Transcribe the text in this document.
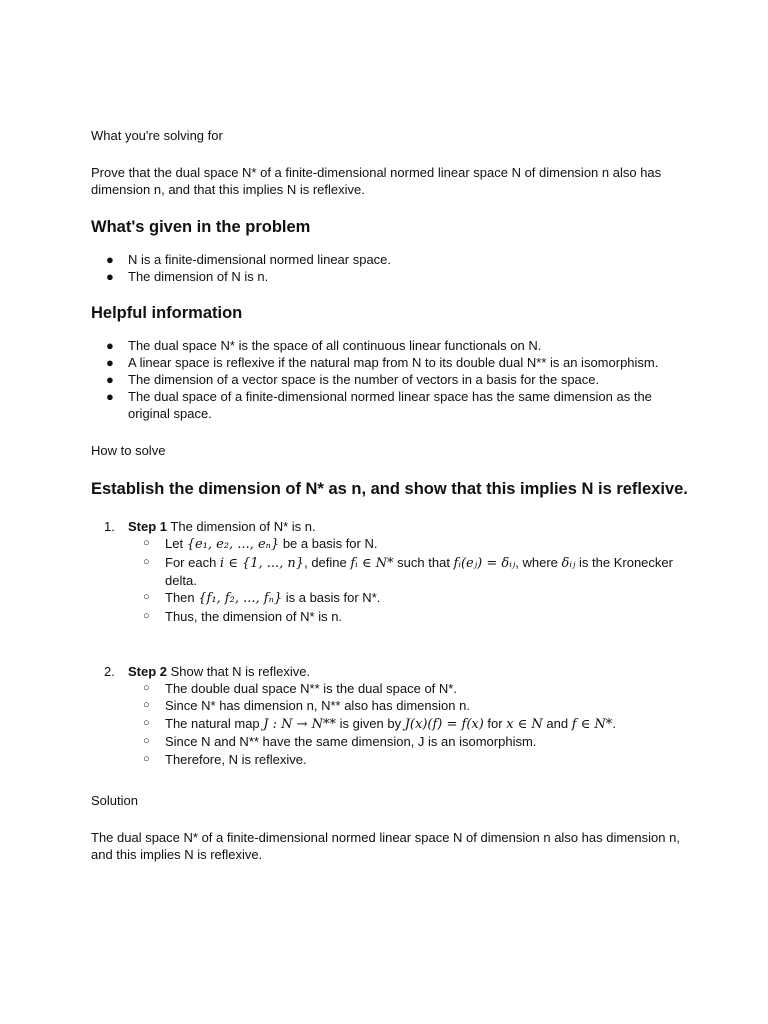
What you're solving for

Prove that the dual space N* of a finite-dimensional normed linear space N of dimension n also has dimension n, and that this implies N is reflexive.

What's given in the problem
● N is a finite-dimensional normed linear space.
● The dimension of N is n.
Helpful information
● The dual space N* is the space of all continuous linear functionals on N.
● A linear space is reflexive if the natural map from N to its double dual N** is an isomorphism.
● The dimension of a vector space is the number of vectors in a basis for the space.
● The dual space of a finite-dimensional normed linear space has the same dimension as the original space.

How to solve

Establish the dimension of N* as n, and show that this implies N is reflexive.
1. Step 1 The dimension of N* is n.
○ Let {e₁, e₂, ..., eₙ} be a basis for N.
○ For each i ∈ {1, ..., n}, define fᵢ ∈ N* such that fᵢ(eⱼ) = δᵢⱼ, where δᵢⱼ is the Kronecker delta.
○ Then {f₁, f₂, ..., fₙ} is a basis for N*.
○ Thus, the dimension of N* is n.
2. Step 2 Show that N is reflexive.
○ The double dual space N** is the dual space of N*.
○ Since N* has dimension n, N** also has dimension n.
○ The natural map J : N → N** is given by J(x)(f) = f(x) for x ∈ N and f ∈ N*.
○ Since N and N** have the same dimension, J is an isomorphism.
○ Therefore, N is reflexive.

Solution

The dual space N* of a finite-dimensional normed linear space N of dimension n also has dimension n, and this implies N is reflexive.
